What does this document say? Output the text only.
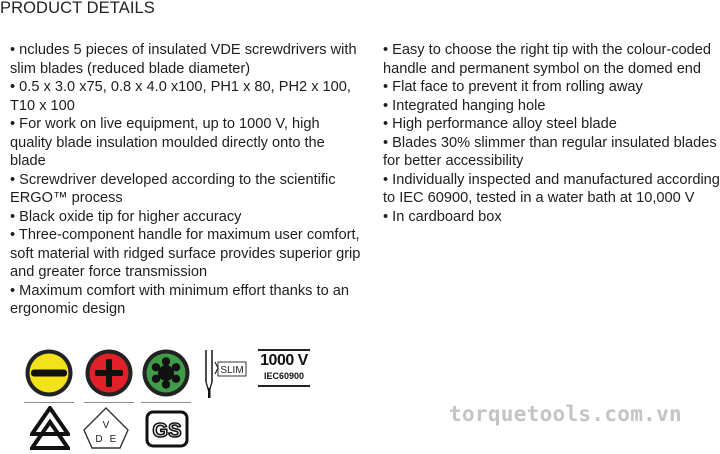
PRODUCT DETAILS

• ncludes 5 pieces of insulated VDE screwdrivers with slim blades (reduced blade diameter)

• 0.5 x 3.0 x75, 0.8 x 4.0 x100, PH1 x 80, PH2 x 100, T10 x 100

• For work on live equipment, up to 1000 V, high quality blade insulation moulded directly onto the blade

• Screwdriver developed according to the scientific ERGO™ process

• Black oxide tip for higher accuracy

• Three-component handle for maximum user comfort, soft material with ridged surface provides superior grip and greater force transmission

• Maximum comfort with minimum effort thanks to an ergonomic design

• Easy to choose the right tip with the colour-coded handle and permanent symbol on the domed end

• Flat face to prevent it from rolling away

• Integrated hanging hole

• High performance alloy steel blade

• Blades 30% slimmer than regular insulated blades for better accessibility

• Individually inspected and manufactured according to IEC 60900, tested in a water bath at 10,000 V

• In cardboard box

SLIM
1000 V
IEC60900
V
D E GS
torquetools.com.vn
